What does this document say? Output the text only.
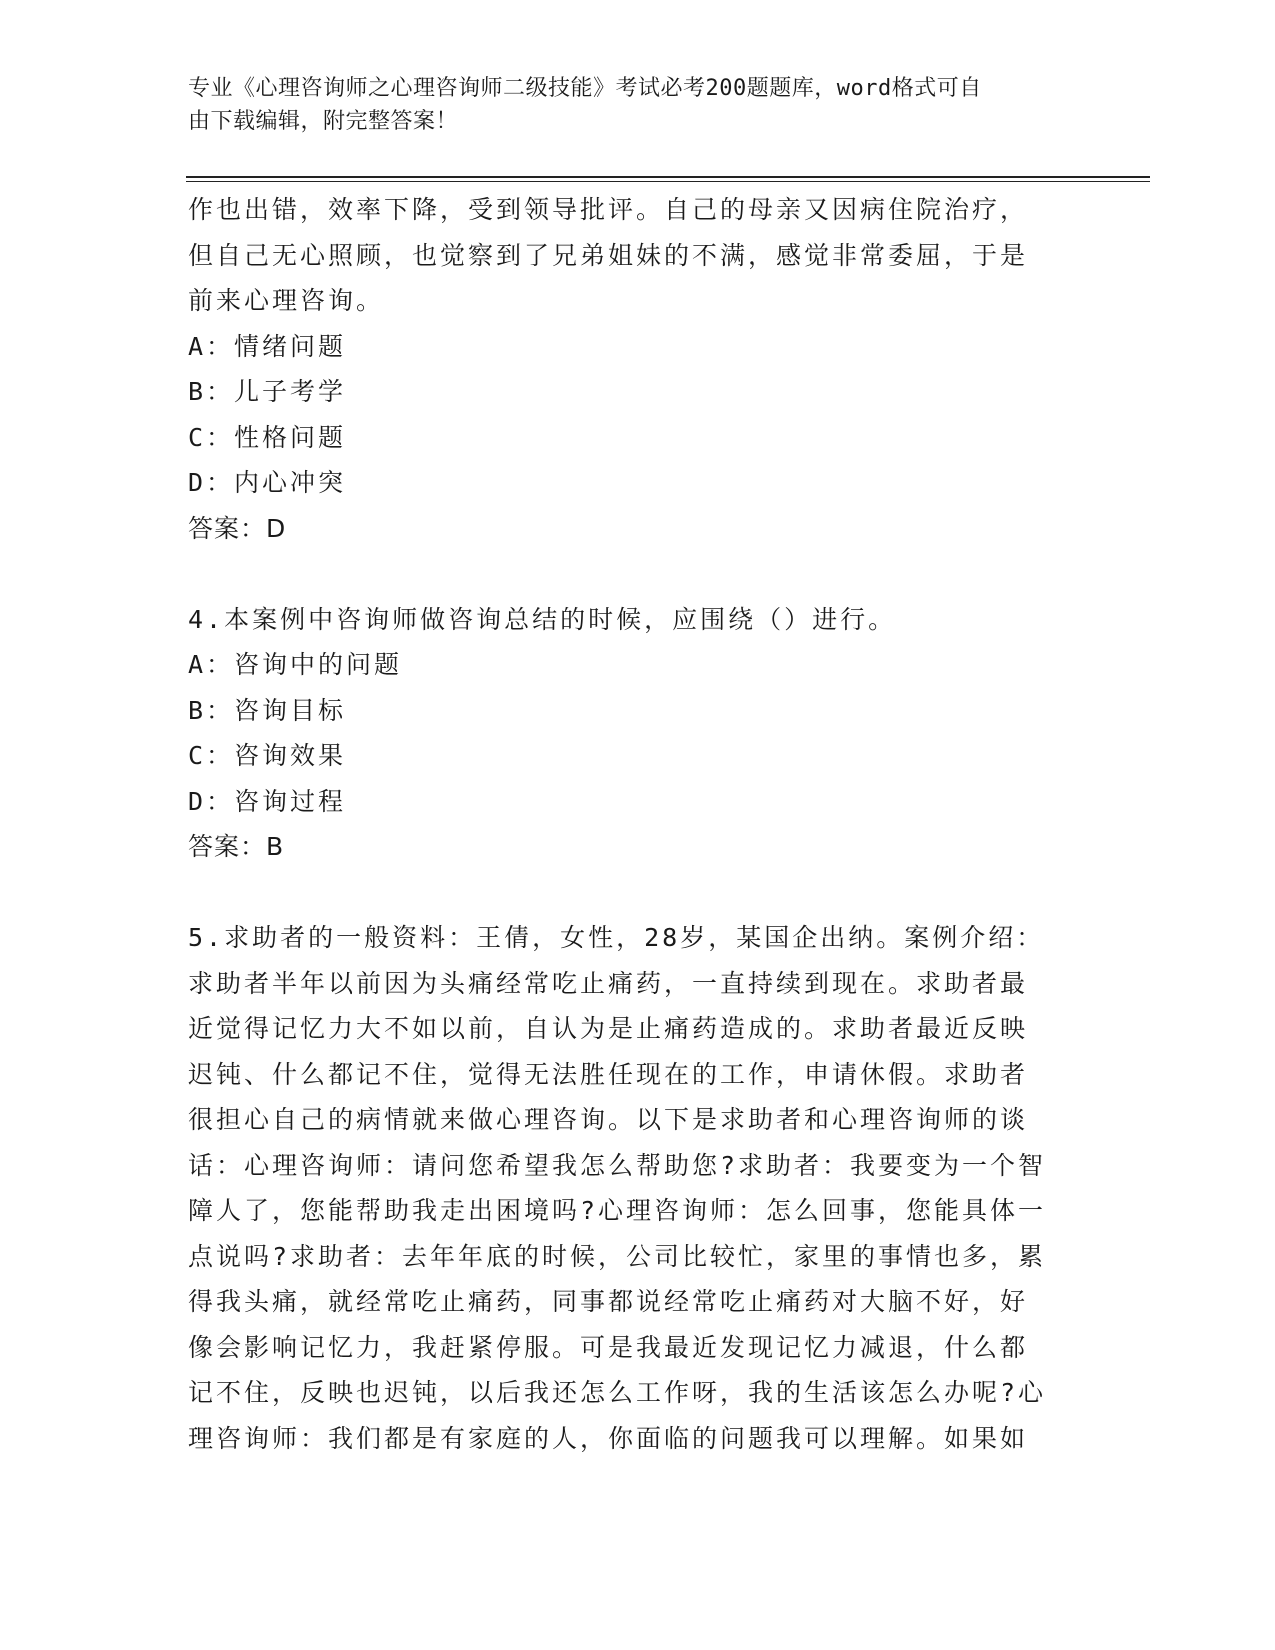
专业《心理咨询师之心理咨询师二级技能》考试必考200题题库，word格式可自
由下载编辑，附完整答案！
作也出错，效率下降，受到领导批评。自己的母亲又因病住院治疗，
但自己无心照顾，也觉察到了兄弟姐妹的不满，感觉非常委屈，于是
前来心理咨询。
A：情绪问题
B：儿子考学
C：性格问题
D：内心冲突
答案：D
4.本案例中咨询师做咨询总结的时候，应围绕（）进行。
A：咨询中的问题
B：咨询目标
C：咨询效果
D：咨询过程
答案：B
5.求助者的一般资料：王倩，女性，28岁，某国企出纳。案例介绍：
求助者半年以前因为头痛经常吃止痛药，一直持续到现在。求助者最
近觉得记忆力大不如以前，自认为是止痛药造成的。求助者最近反映
迟钝、什么都记不住，觉得无法胜任现在的工作，申请休假。求助者
很担心自己的病情就来做心理咨询。以下是求助者和心理咨询师的谈
话：心理咨询师：请问您希望我怎么帮助您?求助者：我要变为一个智
障人了，您能帮助我走出困境吗?心理咨询师：怎么回事，您能具体一
点说吗?求助者：去年年底的时候，公司比较忙，家里的事情也多，累
得我头痛，就经常吃止痛药，同事都说经常吃止痛药对大脑不好，好
像会影响记忆力，我赶紧停服。可是我最近发现记忆力减退，什么都
记不住，反映也迟钝，以后我还怎么工作呀，我的生活该怎么办呢?心
理咨询师：我们都是有家庭的人，你面临的问题我可以理解。如果如
